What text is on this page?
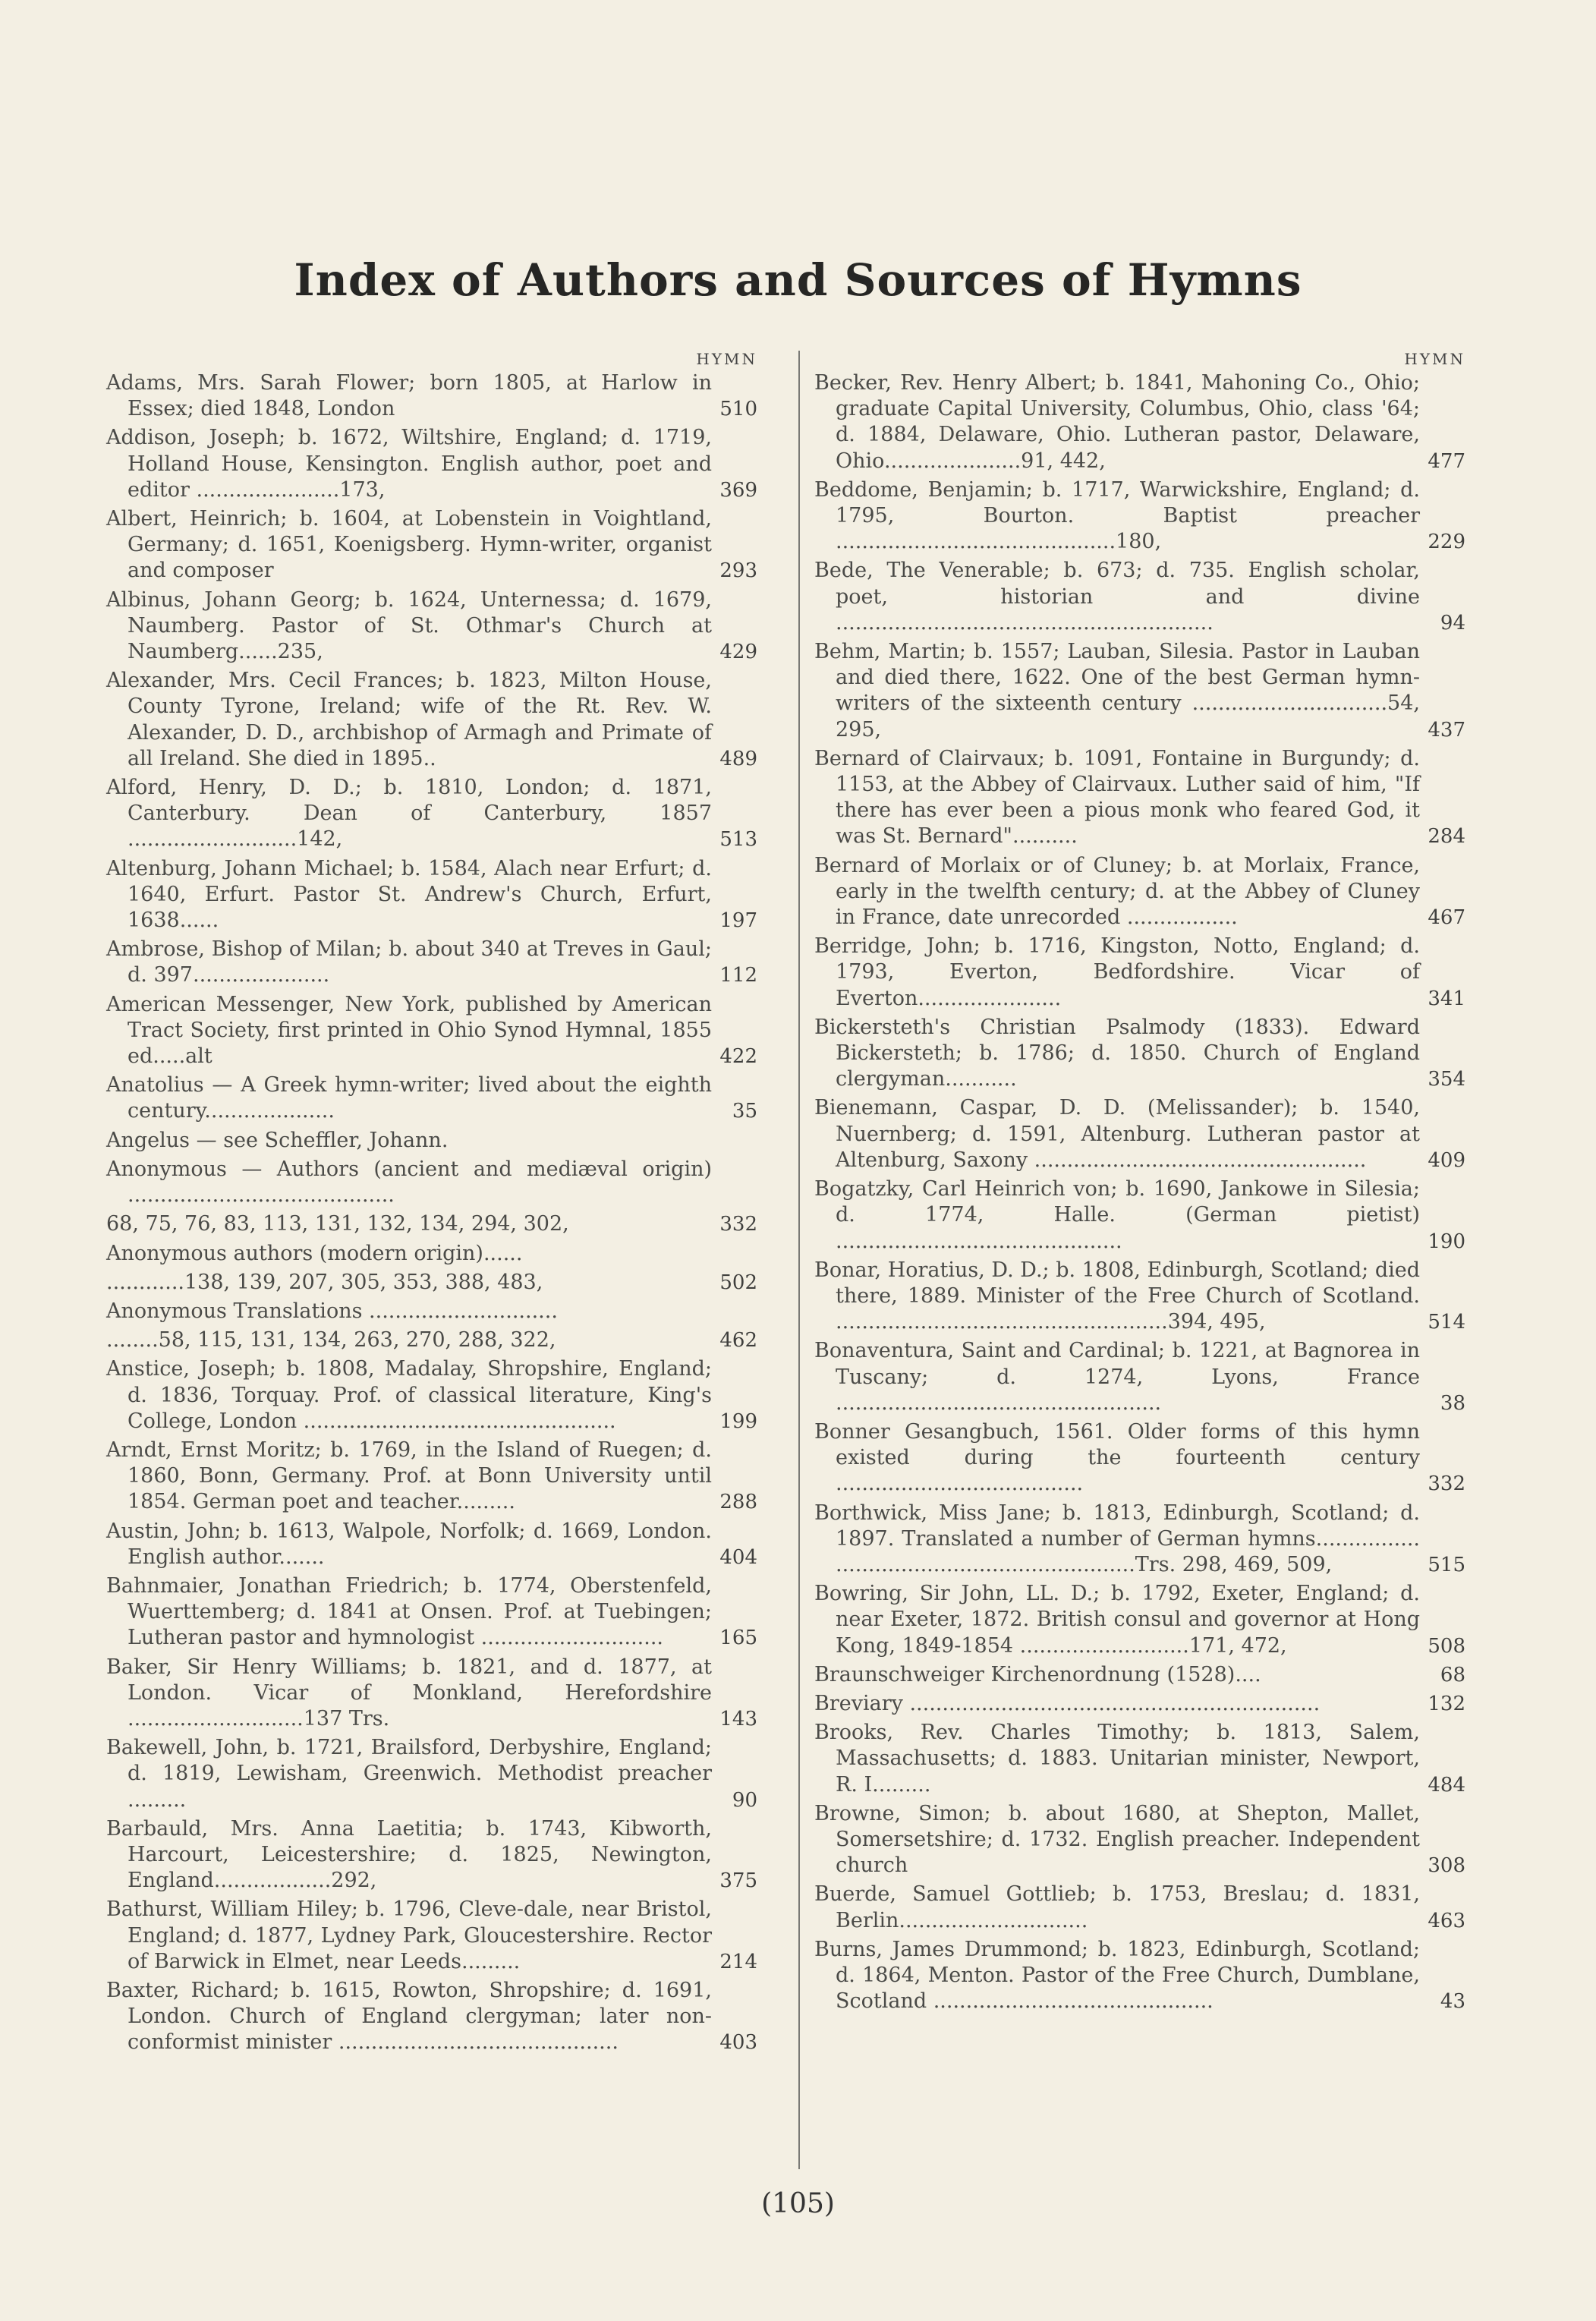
Index of Authors and Sources of Hymns
HYMN
Adams, Mrs. Sarah Flower; born 1805, at Harlow in Essex; died 1848, London	510
Addison, Joseph; b. 1672, Wiltshire, England; d. 1719, Holland House, Kensington. English author, poet and editor ......................173,	369
Albert, Heinrich; b. 1604, at Lobenstein in Voightland, Germany; d. 1651, Koenigsberg. Hymn-writer, organist and composer	293
Albinus, Johann Georg; b. 1624, Unternessa; d. 1679, Naumberg. Pastor of St. Othmar's Church at Naumberg......235,	429
Alexander, Mrs. Cecil Frances; b. 1823, Milton House, County Tyrone, Ireland; wife of the Rt. Rev. W. Alexander, D. D., archbishop of Armagh and Primate of all Ireland. She died in 1895..	489
Alford, Henry, D. D.; b. 1810, London; d. 1871, Canterbury. Dean of Canterbury, 1857 ..........................142,	513
Altenburg, Johann Michael; b. 1584, Alach near Erfurt; d. 1640, Erfurt. Pastor St. Andrew's Church, Erfurt, 1638......	197
Ambrose, Bishop of Milan; b. about 340 at Treves in Gaul; d. 397.....................	112
American Messenger, New York, published by American Tract Society, first printed in Ohio Synod Hymnal, 1855 ed.....alt	422
Anatolius — A Greek hymn-writer; lived about the eighth century....................	35
Angelus — see Scheffler, Johann.
Anonymous — Authors (ancient and mediæval origin) .........................................
68, 75, 76, 83, 113, 131, 132, 134, 294, 302,	332
Anonymous authors (modern origin)......
............138, 139, 207, 305, 353, 388, 483,	502
Anonymous Translations .............................
........58, 115, 131, 134, 263, 270, 288, 322,	462
Anstice, Joseph; b. 1808, Madalay, Shropshire, England; d. 1836, Torquay. Prof. of classical literature, King's College, London ................................................	199
Arndt, Ernst Moritz; b. 1769, in the Island of Ruegen; d. 1860, Bonn, Germany. Prof. at Bonn University until 1854. German poet and teacher.........	288
Austin, John; b. 1613, Walpole, Norfolk; d. 1669, London. English author.......	404
Bahnmaier, Jonathan Friedrich; b. 1774, Oberstenfeld, Wuerttemberg; d. 1841 at Onsen. Prof. at Tuebingen; Lutheran pastor and hymnologist ............................	165
Baker, Sir Henry Williams; b. 1821, and d. 1877, at London. Vicar of Monkland, Herefordshire ...........................137 Trs.	143
Bakewell, John, b. 1721, Brailsford, Derbyshire, England; d. 1819, Lewisham, Greenwich. Methodist preacher .........	90
Barbauld, Mrs. Anna Laetitia; b. 1743, Kibworth, Harcourt, Leicestershire; d. 1825, Newington, England..................292,	375
Bathurst, William Hiley; b. 1796, Cleve-dale, near Bristol, England; d. 1877, Lydney Park, Gloucestershire. Rector of Barwick in Elmet, near Leeds.........	214
Baxter, Richard; b. 1615, Rowton, Shropshire; d. 1691, London. Church of England clergyman; later non-conformist minister ...........................................	403
HYMN
Becker, Rev. Henry Albert; b. 1841, Mahoning Co., Ohio; graduate Capital University, Columbus, Ohio, class '64; d. 1884, Delaware, Ohio. Lutheran pastor, Delaware, Ohio.....................91, 442,	477
Beddome, Benjamin; b. 1717, Warwickshire, England; d. 1795, Bourton. Baptist preacher ...........................................180,	229
Bede, The Venerable; b. 673; d. 735. English scholar, poet, historian and divine ..........................................................	94
Behm, Martin; b. 1557; Lauban, Silesia. Pastor in Lauban and died there, 1622. One of the best German hymn-writers of the sixteenth century ..............................54, 295,	437
Bernard of Clairvaux; b. 1091, Fontaine in Burgundy; d. 1153, at the Abbey of Clairvaux. Luther said of him, "If there has ever been a pious monk who feared God, it was St. Bernard"..........	284
Bernard of Morlaix or of Cluney; b. at Morlaix, France, early in the twelfth century; d. at the Abbey of Cluney in France, date unrecorded .................	467
Berridge, John; b. 1716, Kingston, Notto, England; d. 1793, Everton, Bedfordshire. Vicar of Everton......................	341
Bickersteth's Christian Psalmody (1833). Edward Bickersteth; b. 1786; d. 1850. Church of England clergyman...........	354
Bienemann, Caspar, D. D. (Melissander); b. 1540, Nuernberg; d. 1591, Altenburg. Lutheran pastor at Altenburg, Saxony ...................................................	409
Bogatzky, Carl Heinrich von; b. 1690, Jankowe in Silesia; d. 1774, Halle. (German pietist) ............................................	190
Bonar, Horatius, D. D.; b. 1808, Edinburgh, Scotland; died there, 1889. Minister of the Free Church of Scotland. ...................................................394, 495,	514
Bonaventura, Saint and Cardinal; b. 1221, at Bagnorea in Tuscany; d. 1274, Lyons, France ..................................................	38
Bonner Gesangbuch, 1561. Older forms of this hymn existed during the fourteenth century ......................................	332
Borthwick, Miss Jane; b. 1813, Edinburgh, Scotland; d. 1897. Translated a number of German hymns................ ..............................................Trs. 298, 469, 509,	515
Bowring, Sir John, LL. D.; b. 1792, Exeter, England; d. near Exeter, 1872. British consul and governor at Hong Kong, 1849-1854 ..........................171, 472,	508
Braunschweiger Kirchenordnung (1528)....	68
Breviary ...............................................................	132
Brooks, Rev. Charles Timothy; b. 1813, Salem, Massachusetts; d. 1883. Unitarian minister, Newport, R. I.........	484
Browne, Simon; b. about 1680, at Shepton, Mallet, Somersetshire; d. 1732. English preacher. Independent church	308
Buerde, Samuel Gottlieb; b. 1753, Breslau; d. 1831, Berlin.............................	463
Burns, James Drummond; b. 1823, Edinburgh, Scotland; d. 1864, Menton. Pastor of the Free Church, Dumblane, Scotland ...........................................	43
(105)
